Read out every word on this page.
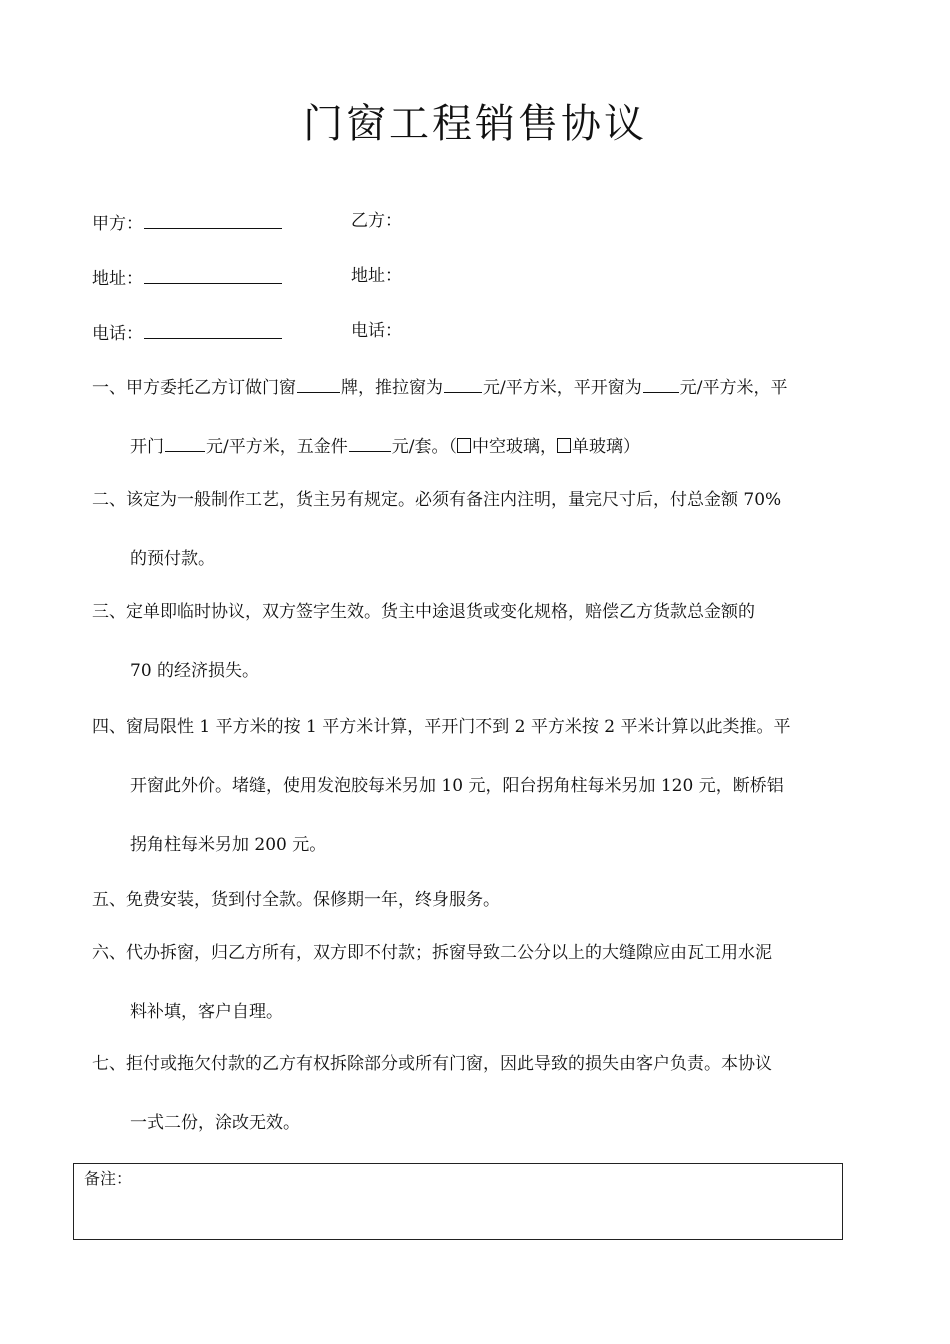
门窗工程销售协议
甲方：	乙方：
地址：	地址：
电话：	电话：
一、甲方委托乙方订做门窗	牌，推拉窗为 元/平方米，平开窗为 元/平方米，平
开门 元/平方米，五金件	元/套。（ 中空玻璃， 单玻璃）
二、该定为一般制作工艺，货主另有规定。必须有备注内注明，量完尺寸后，付总金额 70%
的预付款。
三、定单即临时协议，双方签字生效。货主中途退货或变化规格，赔偿乙方货款总金额的
70 的经济损失。
四、窗局限性 1 平方米的按 1 平方米计算，平开门不到 2 平方米按 2 平米计算以此类推。平
开窗此外价。堵缝，使用发泡胶每米另加 10 元，阳台拐角柱每米另加 120 元，断桥铝
拐角柱每米另加 200 元。
五、免费安装，货到付全款。保修期一年，终身服务。
六、代办拆窗，归乙方所有，双方即不付款；拆窗导致二公分以上的大缝隙应由瓦工用水泥
料补填，客户自理。
七、拒付或拖欠付款的乙方有权拆除部分或所有门窗，因此导致的损失由客户负责。本协议
一式二份，涂改无效。
备注：
